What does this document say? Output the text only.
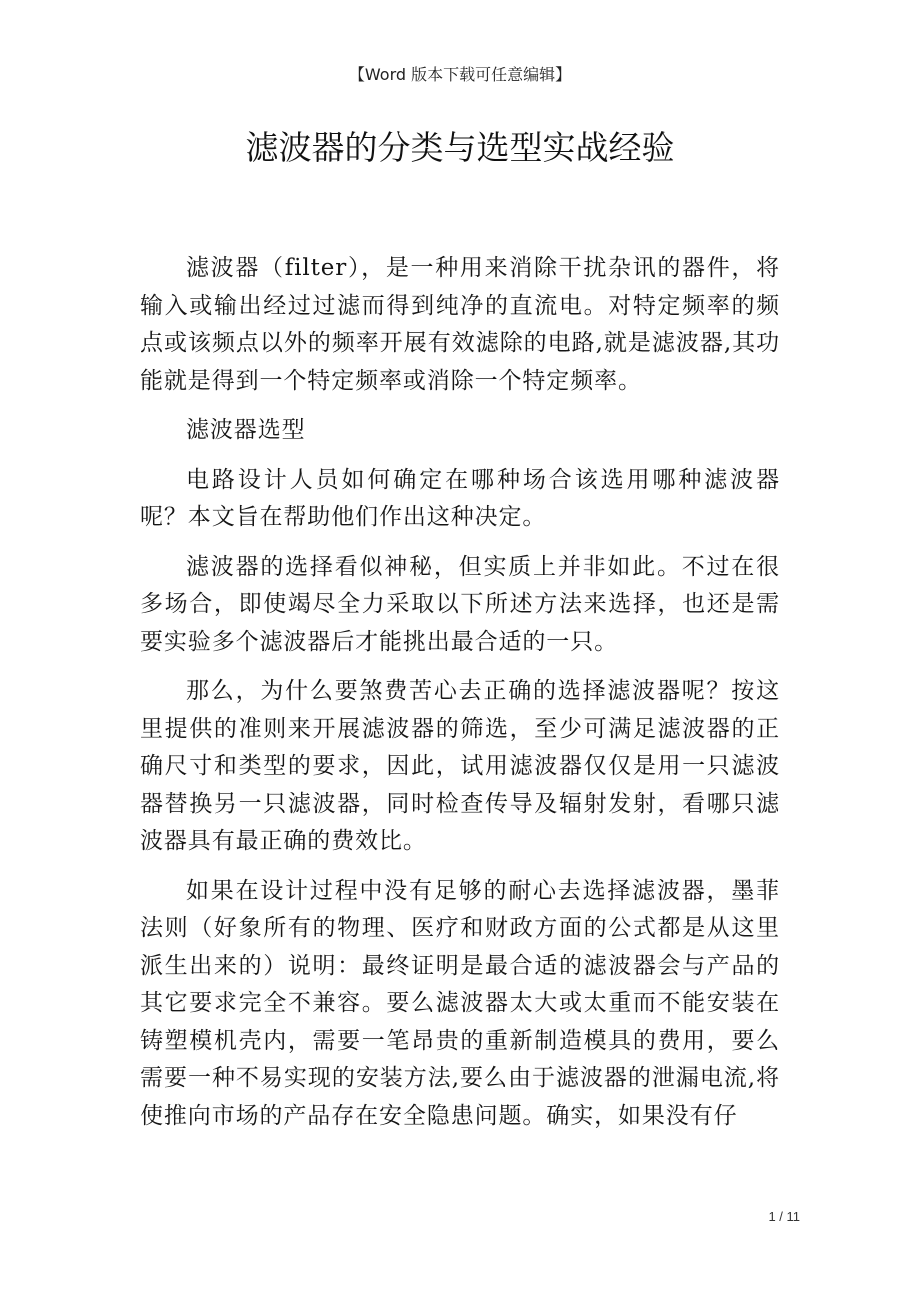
【Word 版本下载可任意编辑】
滤波器的分类与选型实战经验

滤波器（filter），是一种用来消除干扰杂讯的器件，将输入或输出经过过滤而得到纯净的直流电。对特定频率的频点或该频点以外的频率开展有效滤除的电路,就是滤波器,其功能就是得到一个特定频率或消除一个特定频率。

滤波器选型

电路设计人员如何确定在哪种场合该选用哪种滤波器呢？本文旨在帮助他们作出这种决定。

滤波器的选择看似神秘，但实质上并非如此。不过在很多场合，即使竭尽全力采取以下所述方法来选择，也还是需要实验多个滤波器后才能挑出最合适的一只。

那么，为什么要煞费苦心去正确的选择滤波器呢？按这里提供的准则来开展滤波器的筛选，至少可满足滤波器的正确尺寸和类型的要求，因此，试用滤波器仅仅是用一只滤波器替换另一只滤波器，同时检查传导及辐射发射，看哪只滤波器具有最正确的费效比。

如果在设计过程中没有足够的耐心去选择滤波器，墨菲法则（好象所有的物理、医疗和财政方面的公式都是从这里派生出来的）说明：最终证明是最合适的滤波器会与产品的其它要求完全不兼容。要么滤波器太大或太重而不能安装在铸塑模机壳内，需要一笔昂贵的重新制造模具的费用，要么需要一种不易实现的安装方法,要么由于滤波器的泄漏电流,将使推向市场的产品存在安全隐患问题。确实，如果没有仔

1 / 11
